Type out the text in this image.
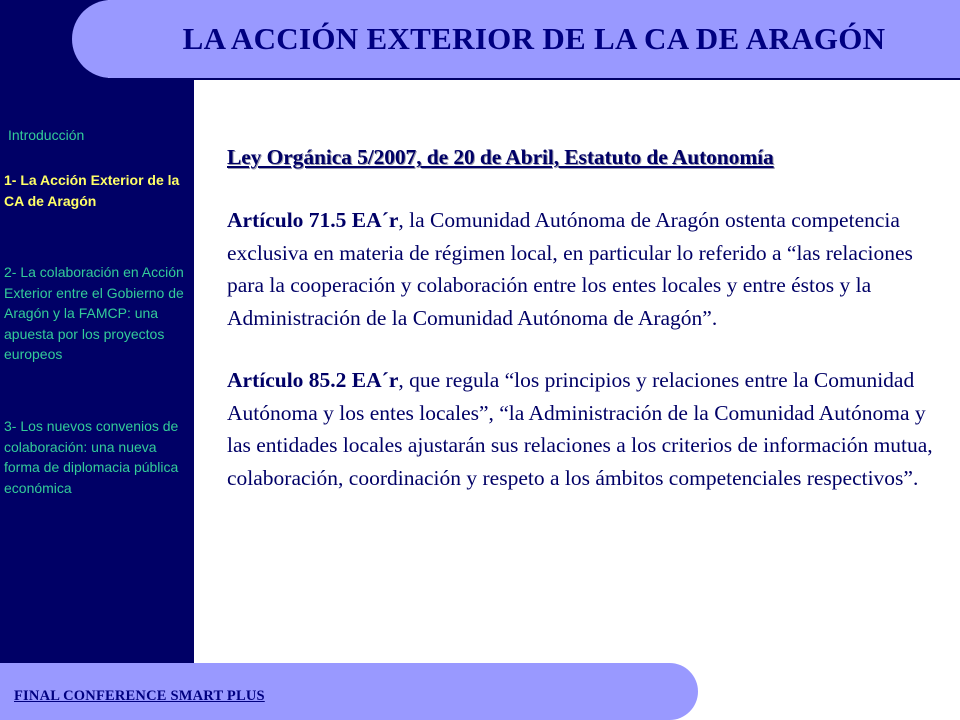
LA ACCIÓN EXTERIOR DE LA CA DE ARAGÓN
Introducción
1- La Acción Exterior de la CA de Aragón
2- La colaboración en Acción Exterior entre el Gobierno de Aragón y la FAMCP: una apuesta por los proyectos europeos
3- Los nuevos convenios de colaboración: una nueva forma de diplomacia pública económica
Ley Orgánica 5/2007, de 20 de Abril, Estatuto de Autonomía
Artículo 71.5 EA´r, la Comunidad Autónoma de Aragón ostenta competencia exclusiva en materia de régimen local, en particular lo referido a “las relaciones para la cooperación y colaboración entre los entes locales y entre éstos y la Administración de la Comunidad Autónoma de Aragón”.
Artículo 85.2 EA´r, que regula “los principios y relaciones entre la Comunidad Autónoma y los entes locales”, “la Administración de la Comunidad Autónoma y las entidades locales ajustarán sus relaciones a los criterios de información mutua, colaboración, coordinación y respeto a los ámbitos competenciales respectivos”.
FINAL CONFERENCE SMART PLUS
